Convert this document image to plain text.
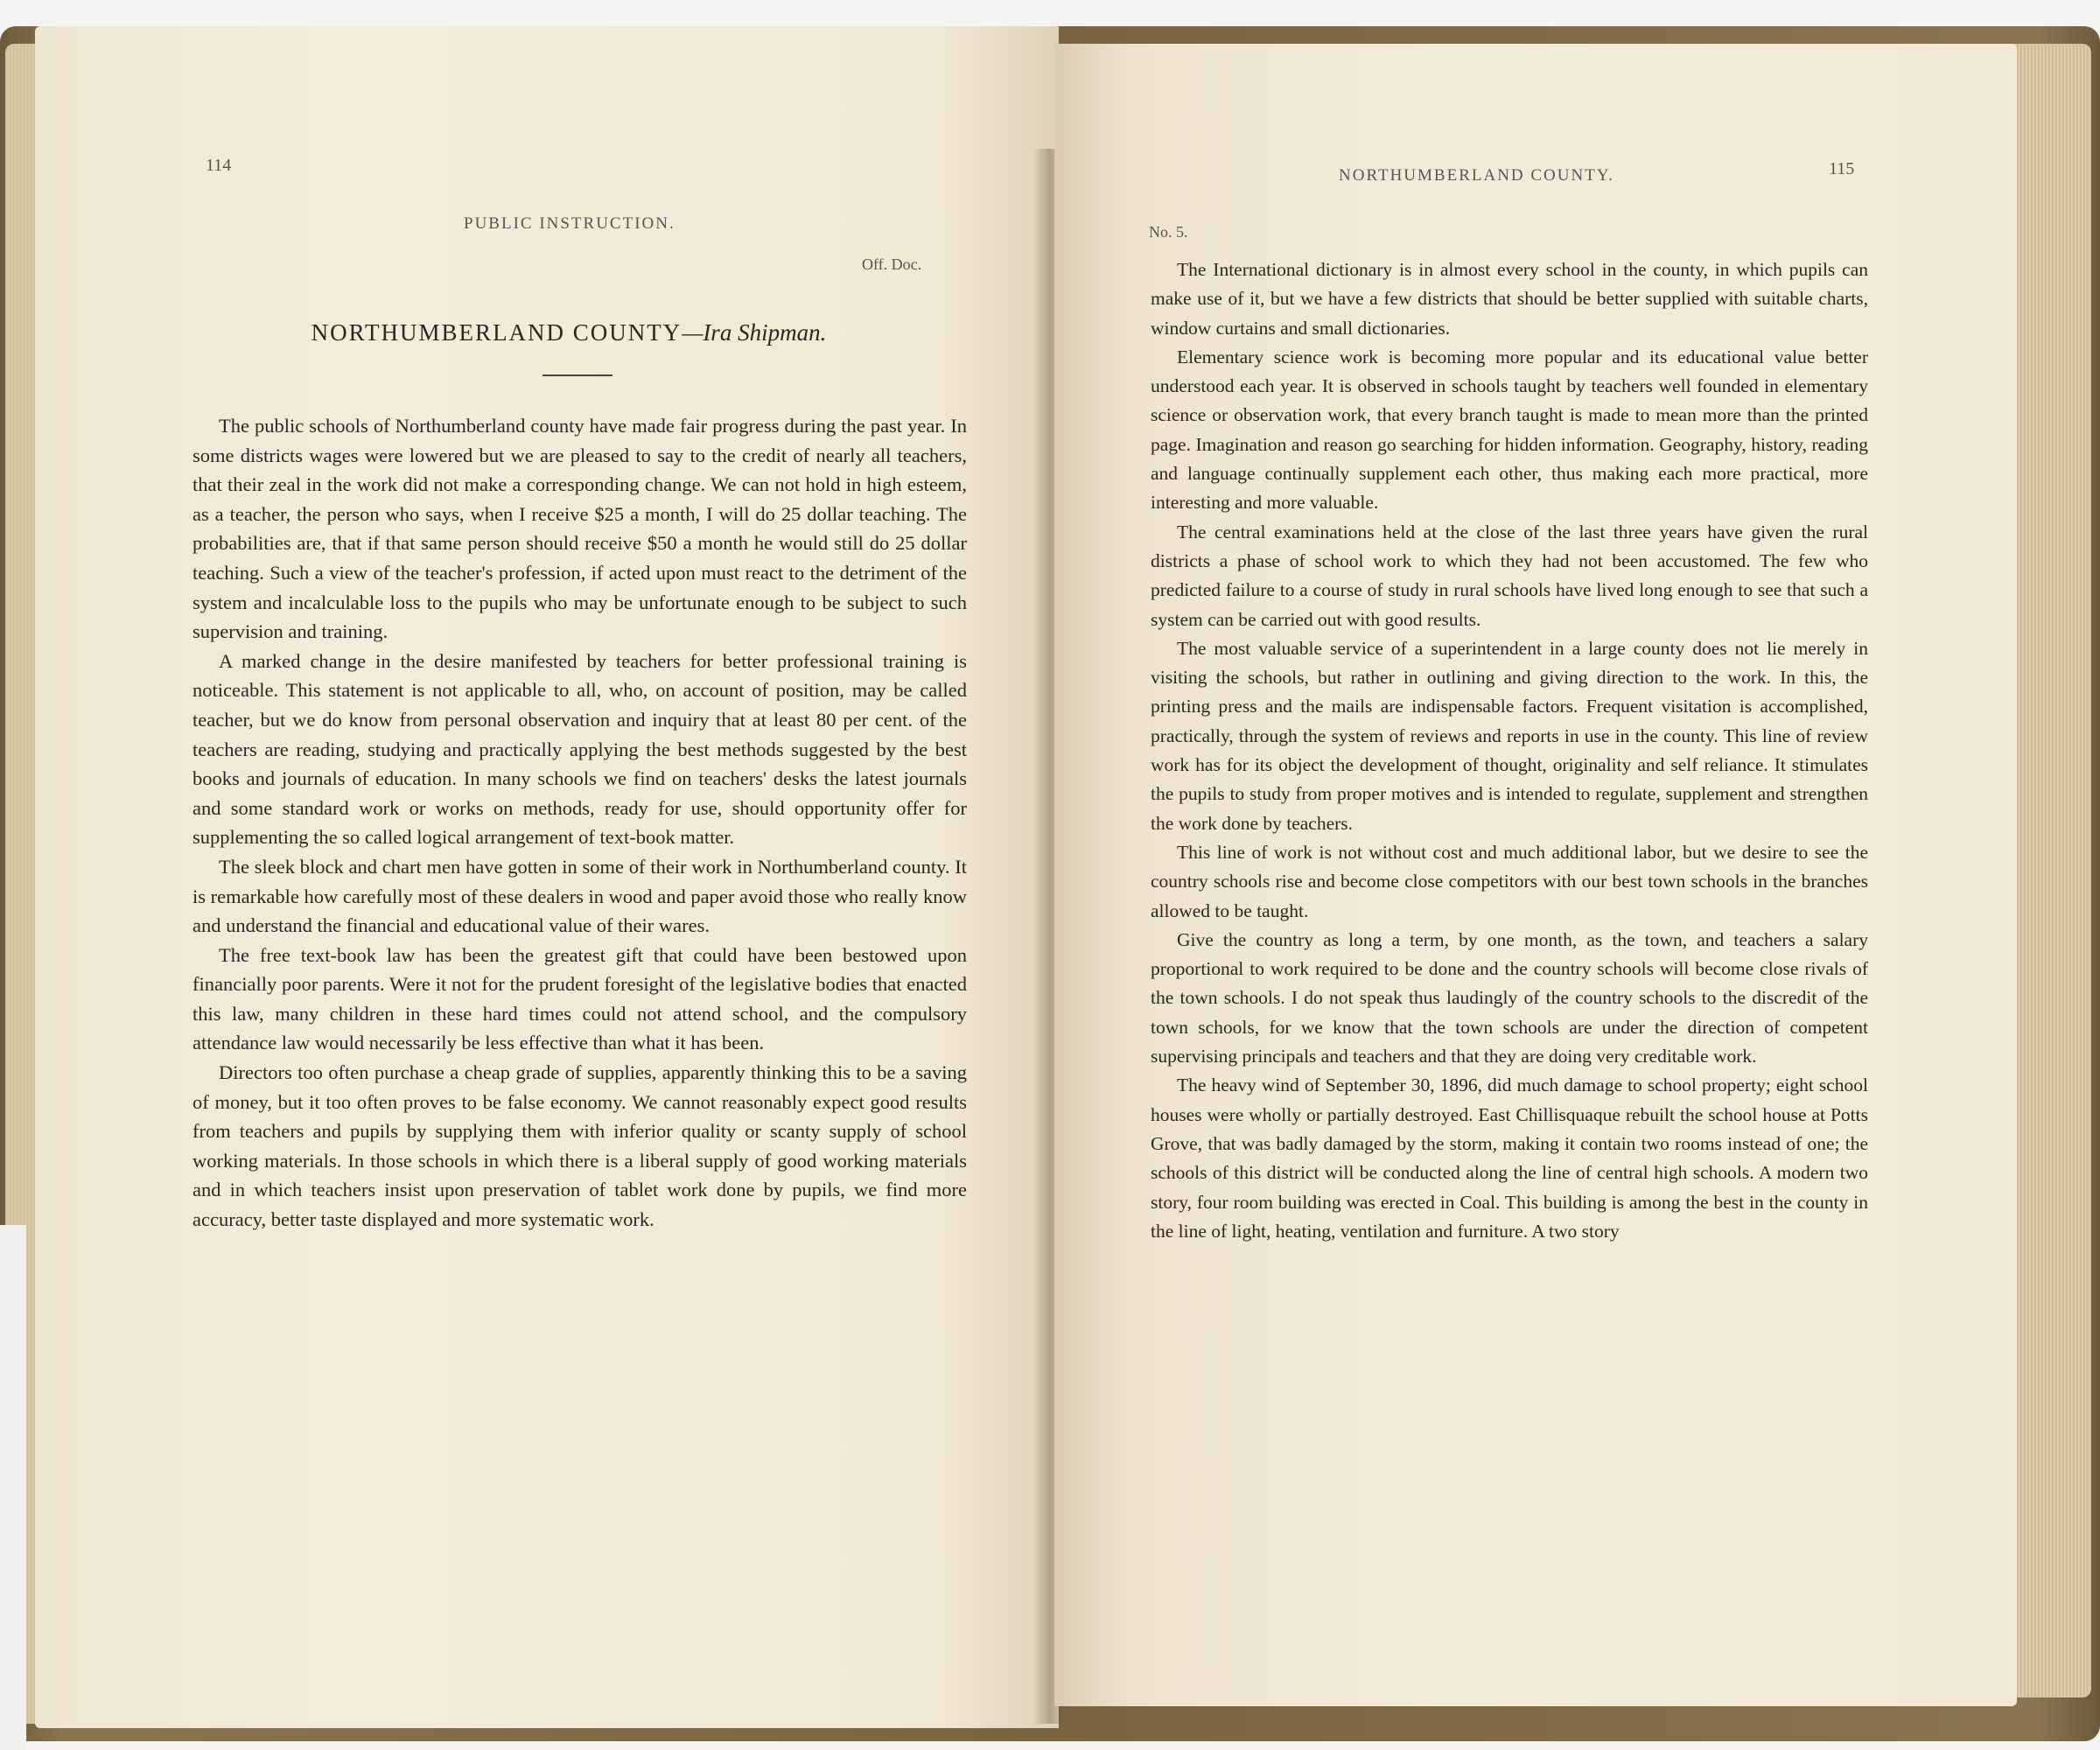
114
PUBLIC INSTRUCTION.
Off. Doc.
NORTHUMBERLAND COUNTY—Ira Shipman.

The public schools of Northumberland county have made fair progress during the past year. In some districts wages were lowered but we are pleased to say to the credit of nearly all teachers, that their zeal in the work did not make a corresponding change. We can not hold in high esteem, as a teacher, the person who says, when I receive $25 a month, I will do 25 dollar teaching. The probabilities are, that if that same person should receive $50 a month he would still do 25 dollar teaching. Such a view of the teacher's profession, if acted upon must react to the detriment of the system and incalculable loss to the pupils who may be unfortunate enough to be subject to such supervision and training.

A marked change in the desire manifested by teachers for better professional training is noticeable. This statement is not applicable to all, who, on account of position, may be called teacher, but we do know from personal observation and inquiry that at least 80 per cent. of the teachers are reading, studying and practically applying the best methods suggested by the best books and journals of education. In many schools we find on teachers' desks the latest journals and some standard work or works on methods, ready for use, should opportunity offer for supplementing the so called logical arrangement of text-book matter.

The sleek block and chart men have gotten in some of their work in Northumberland county. It is remarkable how carefully most of these dealers in wood and paper avoid those who really know and understand the financial and educational value of their wares.

The free text-book law has been the greatest gift that could have been bestowed upon financially poor parents. Were it not for the prudent foresight of the legislative bodies that enacted this law, many children in these hard times could not attend school, and the compulsory attendance law would necessarily be less effective than what it has been.

Directors too often purchase a cheap grade of supplies, apparently thinking this to be a saving of money, but it too often proves to be false economy. We cannot reasonably expect good results from teachers and pupils by supplying them with inferior quality or scanty supply of school working materials. In those schools in which there is a liberal supply of good working materials and in which teachers insist upon preservation of tablet work done by pupils, we find more accuracy, better taste displayed and more systematic work.

NORTHUMBERLAND COUNTY.	115
No. 5.

The International dictionary is in almost every school in the county, in which pupils can make use of it, but we have a few districts that should be better supplied with suitable charts, window curtains and small dictionaries.

Elementary science work is becoming more popular and its educational value better understood each year. It is observed in schools taught by teachers well founded in elementary science or observation work, that every branch taught is made to mean more than the printed page. Imagination and reason go searching for hidden information. Geography, history, reading and language continually supplement each other, thus making each more practical, more interesting and more valuable.

The central examinations held at the close of the last three years have given the rural districts a phase of school work to which they had not been accustomed. The few who predicted failure to a course of study in rural schools have lived long enough to see that such a system can be carried out with good results.

The most valuable service of a superintendent in a large county does not lie merely in visiting the schools, but rather in outlining and giving direction to the work. In this, the printing press and the mails are indispensable factors. Frequent visitation is accomplished, practically, through the system of reviews and reports in use in the county. This line of review work has for its object the development of thought, originality and self reliance. It stimulates the pupils to study from proper motives and is intended to regulate, supplement and strengthen the work done by teachers.

This line of work is not without cost and much additional labor, but we desire to see the country schools rise and become close competitors with our best town schools in the branches allowed to be taught.

Give the country as long a term, by one month, as the town, and teachers a salary proportional to work required to be done and the country schools will become close rivals of the town schools. I do not speak thus laudingly of the country schools to the discredit of the town schools, for we know that the town schools are under the direction of competent supervising principals and teachers and that they are doing very creditable work.

The heavy wind of September 30, 1896, did much damage to school property; eight school houses were wholly or partially destroyed. East Chillisquaque rebuilt the school house at Potts Grove, that was badly damaged by the storm, making it contain two rooms instead of one; the schools of this district will be conducted along the line of central high schools. A modern two story, four room building was erected in Coal. This building is among the best in the county in the line of light, heating, ventilation and furniture. A two story
